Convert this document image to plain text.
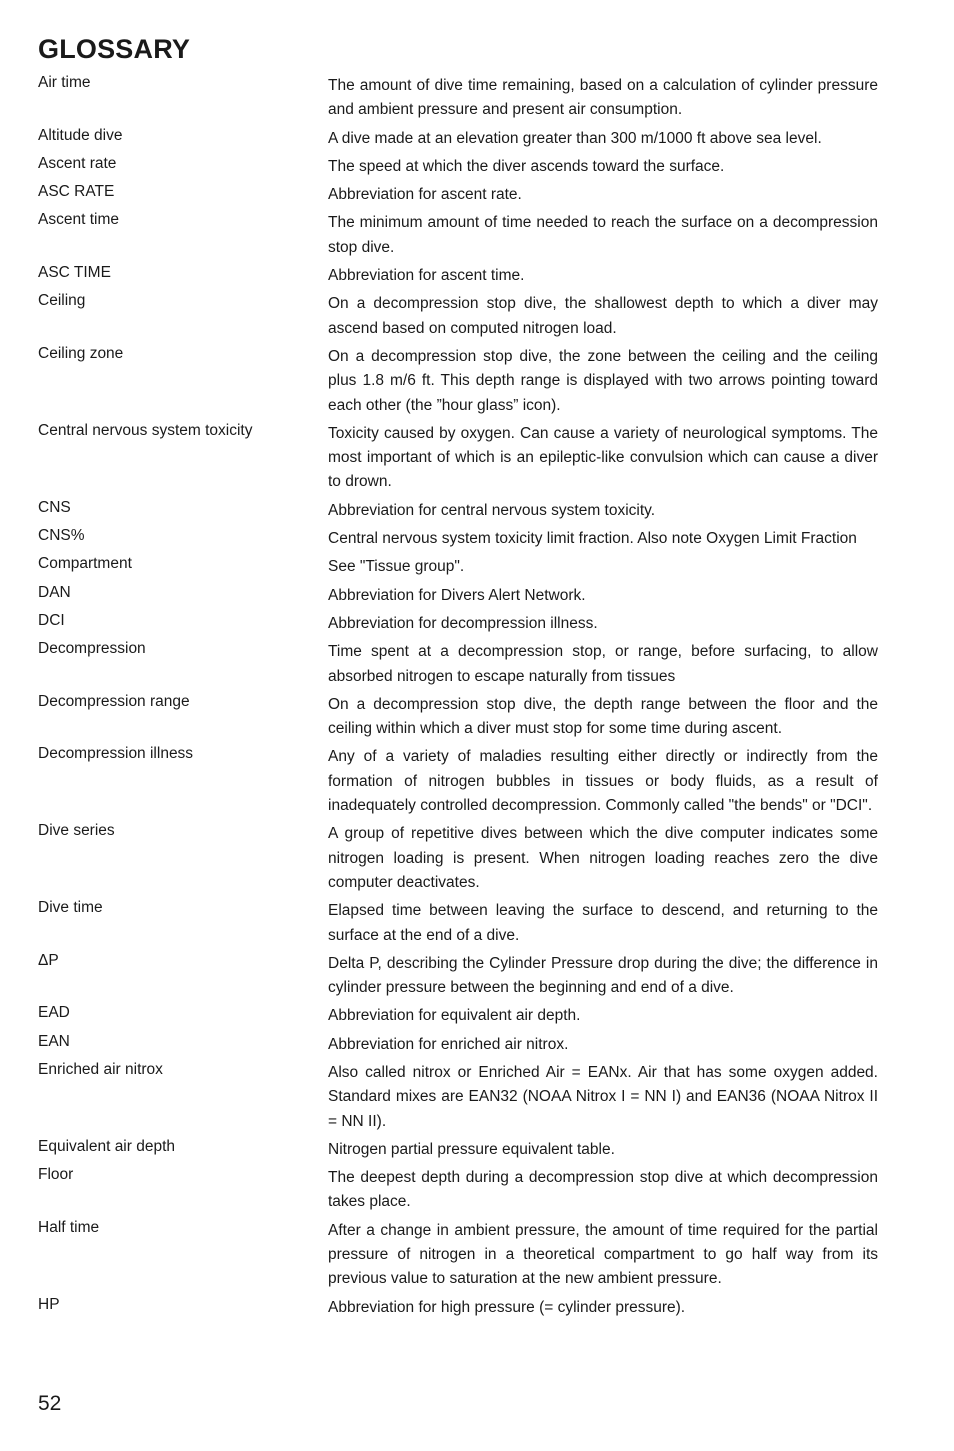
GLOSSARY
Air time	The amount of dive time remaining, based on a calculation of cylinder pressure and ambient pressure and present air consumption.
Altitude dive	A dive made at an elevation greater than 300 m/1000 ft above sea level.
Ascent rate	The speed at which the diver ascends toward the surface.
ASC RATE	Abbreviation for ascent rate.
Ascent time	The minimum amount of time needed to reach the surface on a decompression stop dive.
ASC TIME	Abbreviation for ascent time.
Ceiling	On a decompression stop dive, the shallowest depth to which a diver may ascend based on computed nitrogen load.
Ceiling zone	On a decompression stop dive, the zone between the ceiling and the ceiling plus 1.8 m/6 ft. This depth range is displayed with two arrows pointing toward each other (the ”hour glass” icon).
Central nervous system toxicity	Toxicity caused by oxygen. Can cause a variety of neurological symptoms. The most important of which is an epileptic-like convulsion which can cause a diver to drown.
CNS	Abbreviation for central nervous system toxicity.
CNS%	Central nervous system toxicity limit fraction. Also note Oxygen Limit Fraction
Compartment	See "Tissue group".
DAN	Abbreviation for Divers Alert Network.
DCI	Abbreviation for decompression illness.
Decompression	Time spent at a decompression stop, or range, before surfacing, to allow absorbed nitrogen to escape naturally from tissues
Decompression range	On a decompression stop dive, the depth range between the floor and the ceiling within which a diver must stop for some time during ascent.
Decompression illness	Any of a variety of maladies resulting either directly or indirectly from the formation of nitrogen bubbles in tissues or body fluids, as a result of inadequately controlled decompression. Commonly called "the bends" or "DCI".
Dive series	A group of repetitive dives between which the dive computer indicates some nitrogen loading is present. When nitrogen loading reaches zero the dive computer deactivates.
Dive time	Elapsed time between leaving the surface to descend, and returning to the surface at the end of a dive.
ΔP	Delta P, describing the Cylinder Pressure drop during the dive; the difference in cylinder pressure between the beginning and end of a dive.
EAD	Abbreviation for equivalent air depth.
EAN	Abbreviation for enriched air nitrox.
Enriched air nitrox	Also called nitrox or Enriched Air = EANx. Air that has some oxygen added. Standard mixes are EAN32 (NOAA Nitrox I = NN I) and EAN36 (NOAA Nitrox II = NN II).
Equivalent air depth	Nitrogen partial pressure equivalent table.
Floor	The deepest depth during a decompression stop dive at which decompression takes place.
Half time	After a change in ambient pressure, the amount of time required for the partial pressure of nitrogen in a theoretical compartment to go half way from its previous value to saturation at the new ambient pressure.
HP	Abbreviation for high pressure (= cylinder pressure).
52
